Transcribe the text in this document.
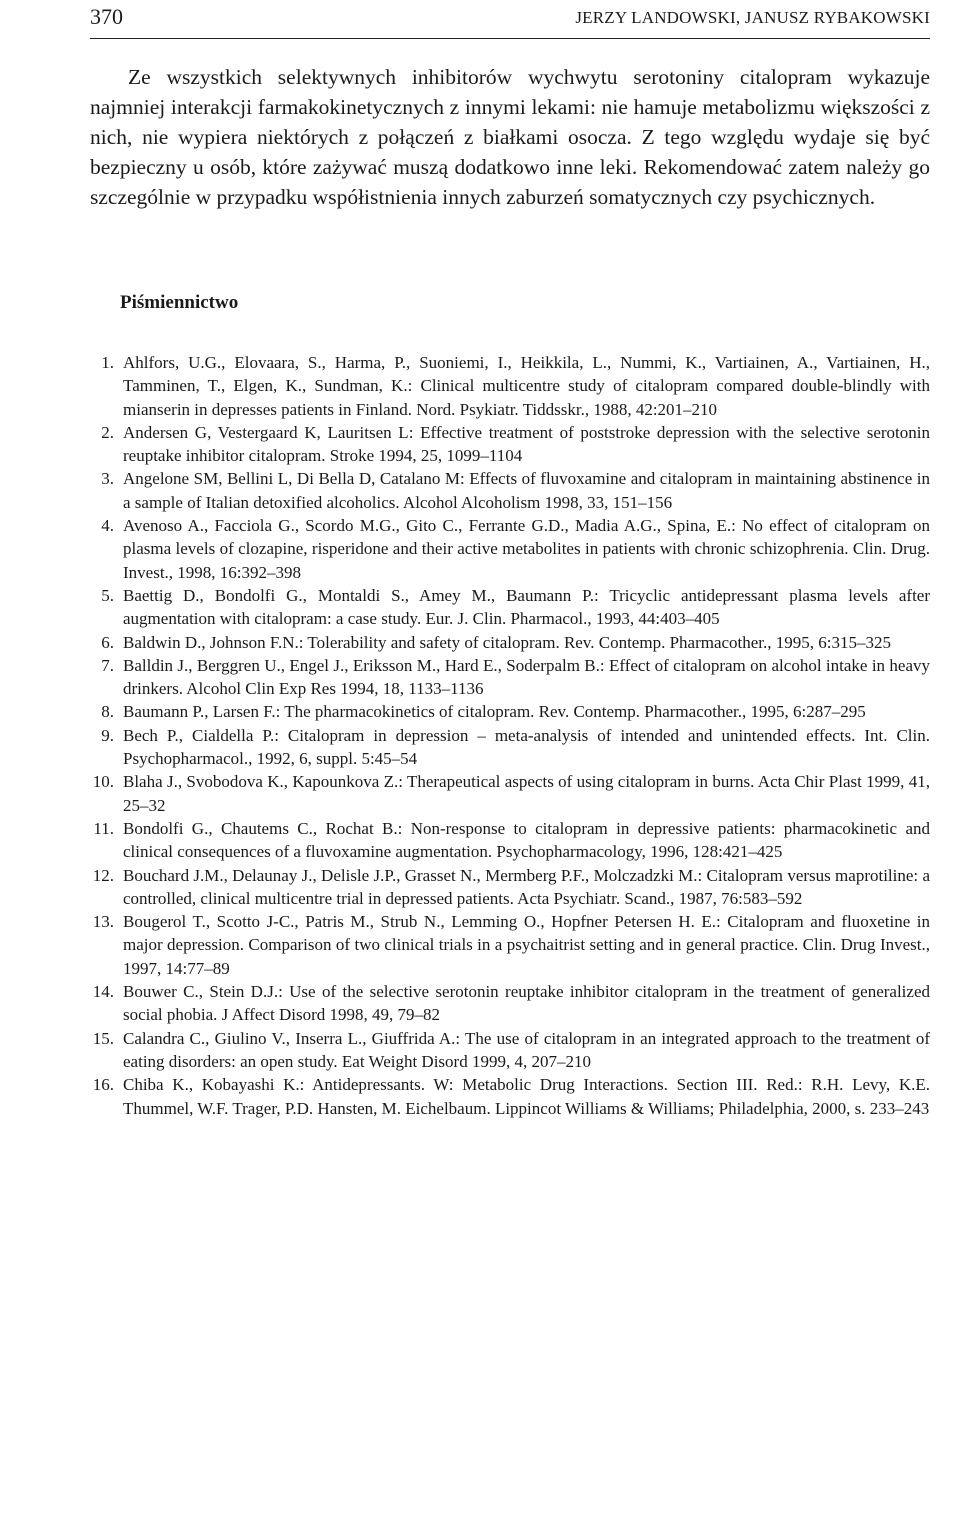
370	JERZY LANDOWSKI, JANUSZ RYBAKOWSKI

Ze wszystkich selektywnych inhibitorów wychwytu serotoniny citalopram wykazuje najmniej interakcji farmakokinetycznych z innymi lekami: nie hamuje metabolizmu większości z nich, nie wypiera niektórych z połączeń z białkami osocza. Z tego względu wydaje się być bezpieczny u osób, które zażywać muszą dodatkowo inne leki. Rekomendować zatem należy go szczególnie w przypadku współistnienia innych zaburzeń somatycznych czy psychicznych.

Piśmiennictwo
1. Ahlfors, U.G., Elovaara, S., Harma, P., Suoniemi, I., Heikkila, L., Nummi, K., Vartiainen, A., Vartiainen, H., Tamminen, T., Elgen, K., Sundman, K.: Clinical multicentre study of citalopram compared double-blindly with mianserin in depresses patients in Finland. Nord. Psykiatr. Tiddsskr., 1988, 42:201–210
2. Andersen G, Vestergaard K, Lauritsen L: Effective treatment of poststroke depression with the selective serotonin reuptake inhibitor citalopram. Stroke 1994, 25, 1099–1104
3. Angelone SM, Bellini L, Di Bella D, Catalano M: Effects of fluvoxamine and citalopram in maintaining abstinence in a sample of Italian detoxified alcoholics. Alcohol Alcoholism 1998, 33, 151–156
4. Avenoso A., Facciola G., Scordo M.G., Gito C., Ferrante G.D., Madia A.G., Spina, E.: No effect of citalopram on plasma levels of clozapine, risperidone and their active metabolites in patients with chronic schizophrenia. Clin. Drug. Invest., 1998, 16:392–398
5. Baettig D., Bondolfi G., Montaldi S., Amey M., Baumann P.: Tricyclic antidepressant plasma levels after augmentation with citalopram: a case study. Eur. J. Clin. Pharmacol., 1993, 44:403–405
6. Baldwin D., Johnson F.N.: Tolerability and safety of citalopram. Rev. Contemp. Pharmacother., 1995, 6:315–325
7. Balldin J., Berggren U., Engel J., Eriksson M., Hard E., Soderpalm B.: Effect of citalopram on alcohol intake in heavy drinkers. Alcohol Clin Exp Res 1994, 18, 1133–1136
8. Baumann P., Larsen F.: The pharmacokinetics of citalopram. Rev. Contemp. Pharmacother., 1995, 6:287–295
9. Bech P., Cialdella P.: Citalopram in depression – meta-analysis of intended and unintended effects. Int. Clin. Psychopharmacol., 1992, 6, suppl. 5:45–54
10. Blaha J., Svobodova K., Kapounkova Z.: Therapeutical aspects of using citalopram in burns. Acta Chir Plast 1999, 41, 25–32
11. Bondolfi G., Chautems C., Rochat B.: Non-response to citalopram in depressive patients: pharmacokinetic and clinical consequences of a fluvoxamine augmentation. Psychopharmacology, 1996, 128:421–425
12. Bouchard J.M., Delaunay J., Delisle J.P., Grasset N., Mermberg P.F., Molczadzki M.: Citalopram versus maprotiline: a controlled, clinical multicentre trial in depressed patients. Acta Psychiatr. Scand., 1987, 76:583–592
13. Bougerol T., Scotto J-C., Patris M., Strub N., Lemming O., Hopfner Petersen H. E.: Citalopram and fluoxetine in major depression. Comparison of two clinical trials in a psychaitrist setting and in general practice. Clin. Drug Invest., 1997, 14:77–89
14. Bouwer C., Stein D.J.: Use of the selective serotonin reuptake inhibitor citalopram in the treatment of generalized social phobia. J Affect Disord 1998, 49, 79–82
15. Calandra C., Giulino V., Inserra L., Giuffrida A.: The use of citalopram in an integrated approach to the treatment of eating disorders: an open study. Eat Weight Disord 1999, 4, 207–210
16. Chiba K., Kobayashi K.: Antidepressants. W: Metabolic Drug Interactions. Section III. Red.: R.H. Levy, K.E. Thummel, W.F. Trager, P.D. Hansten, M. Eichelbaum. Lippincot Williams & Williams; Philadelphia, 2000, s. 233–243
